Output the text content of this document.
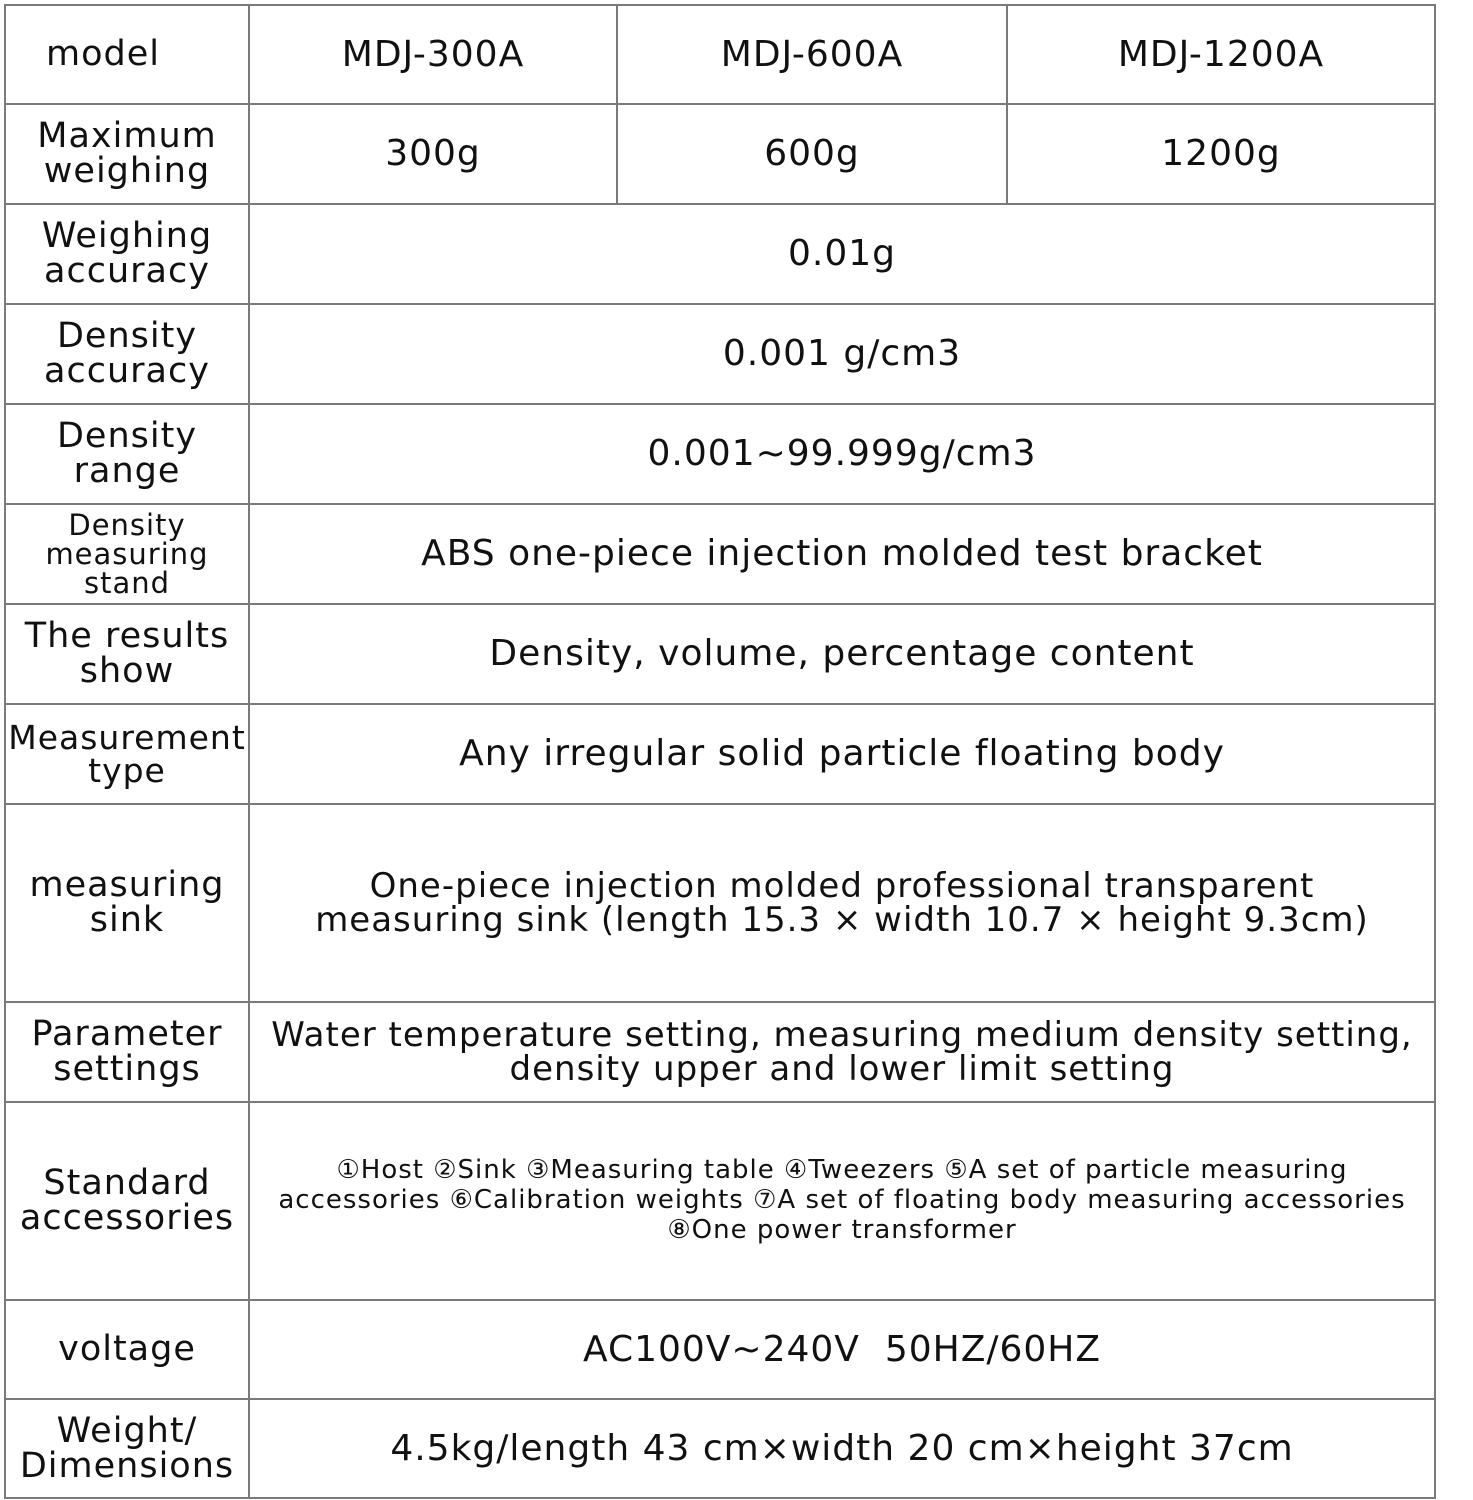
model	MDJ-300A	MDJ-600A	MDJ-1200A
Maximum
weighing	300g	600g	1200g
Weighing
accuracy	0.01g		
Density
accuracy	0.001 g/cm3		
Density
range	0.001~99.999g/cm3		
Density
measuring
stand	ABS one-piece injection molded test bracket		
The results
show	Density, volume, percentage content		
Measurement
type	Any irregular solid particle floating body		
measuring
sink	One-piece injection molded professional transparent
measuring sink (length 15.3 × width 10.7 × height 9.3cm)		
Parameter
settings	Water temperature setting, measuring medium density setting,
density upper and lower limit setting		
Standard
accessories	①Host ②Sink ③Measuring table ④Tweezers ⑤A set of particle measuring
accessories ⑥Calibration weights ⑦A set of floating body measuring accessories
⑧One power transformer		
voltage	AC100V~240V  50HZ/60HZ		
Weight/
Dimensions	4.5kg/length 43 cm×width 20 cm×height 37cm		
